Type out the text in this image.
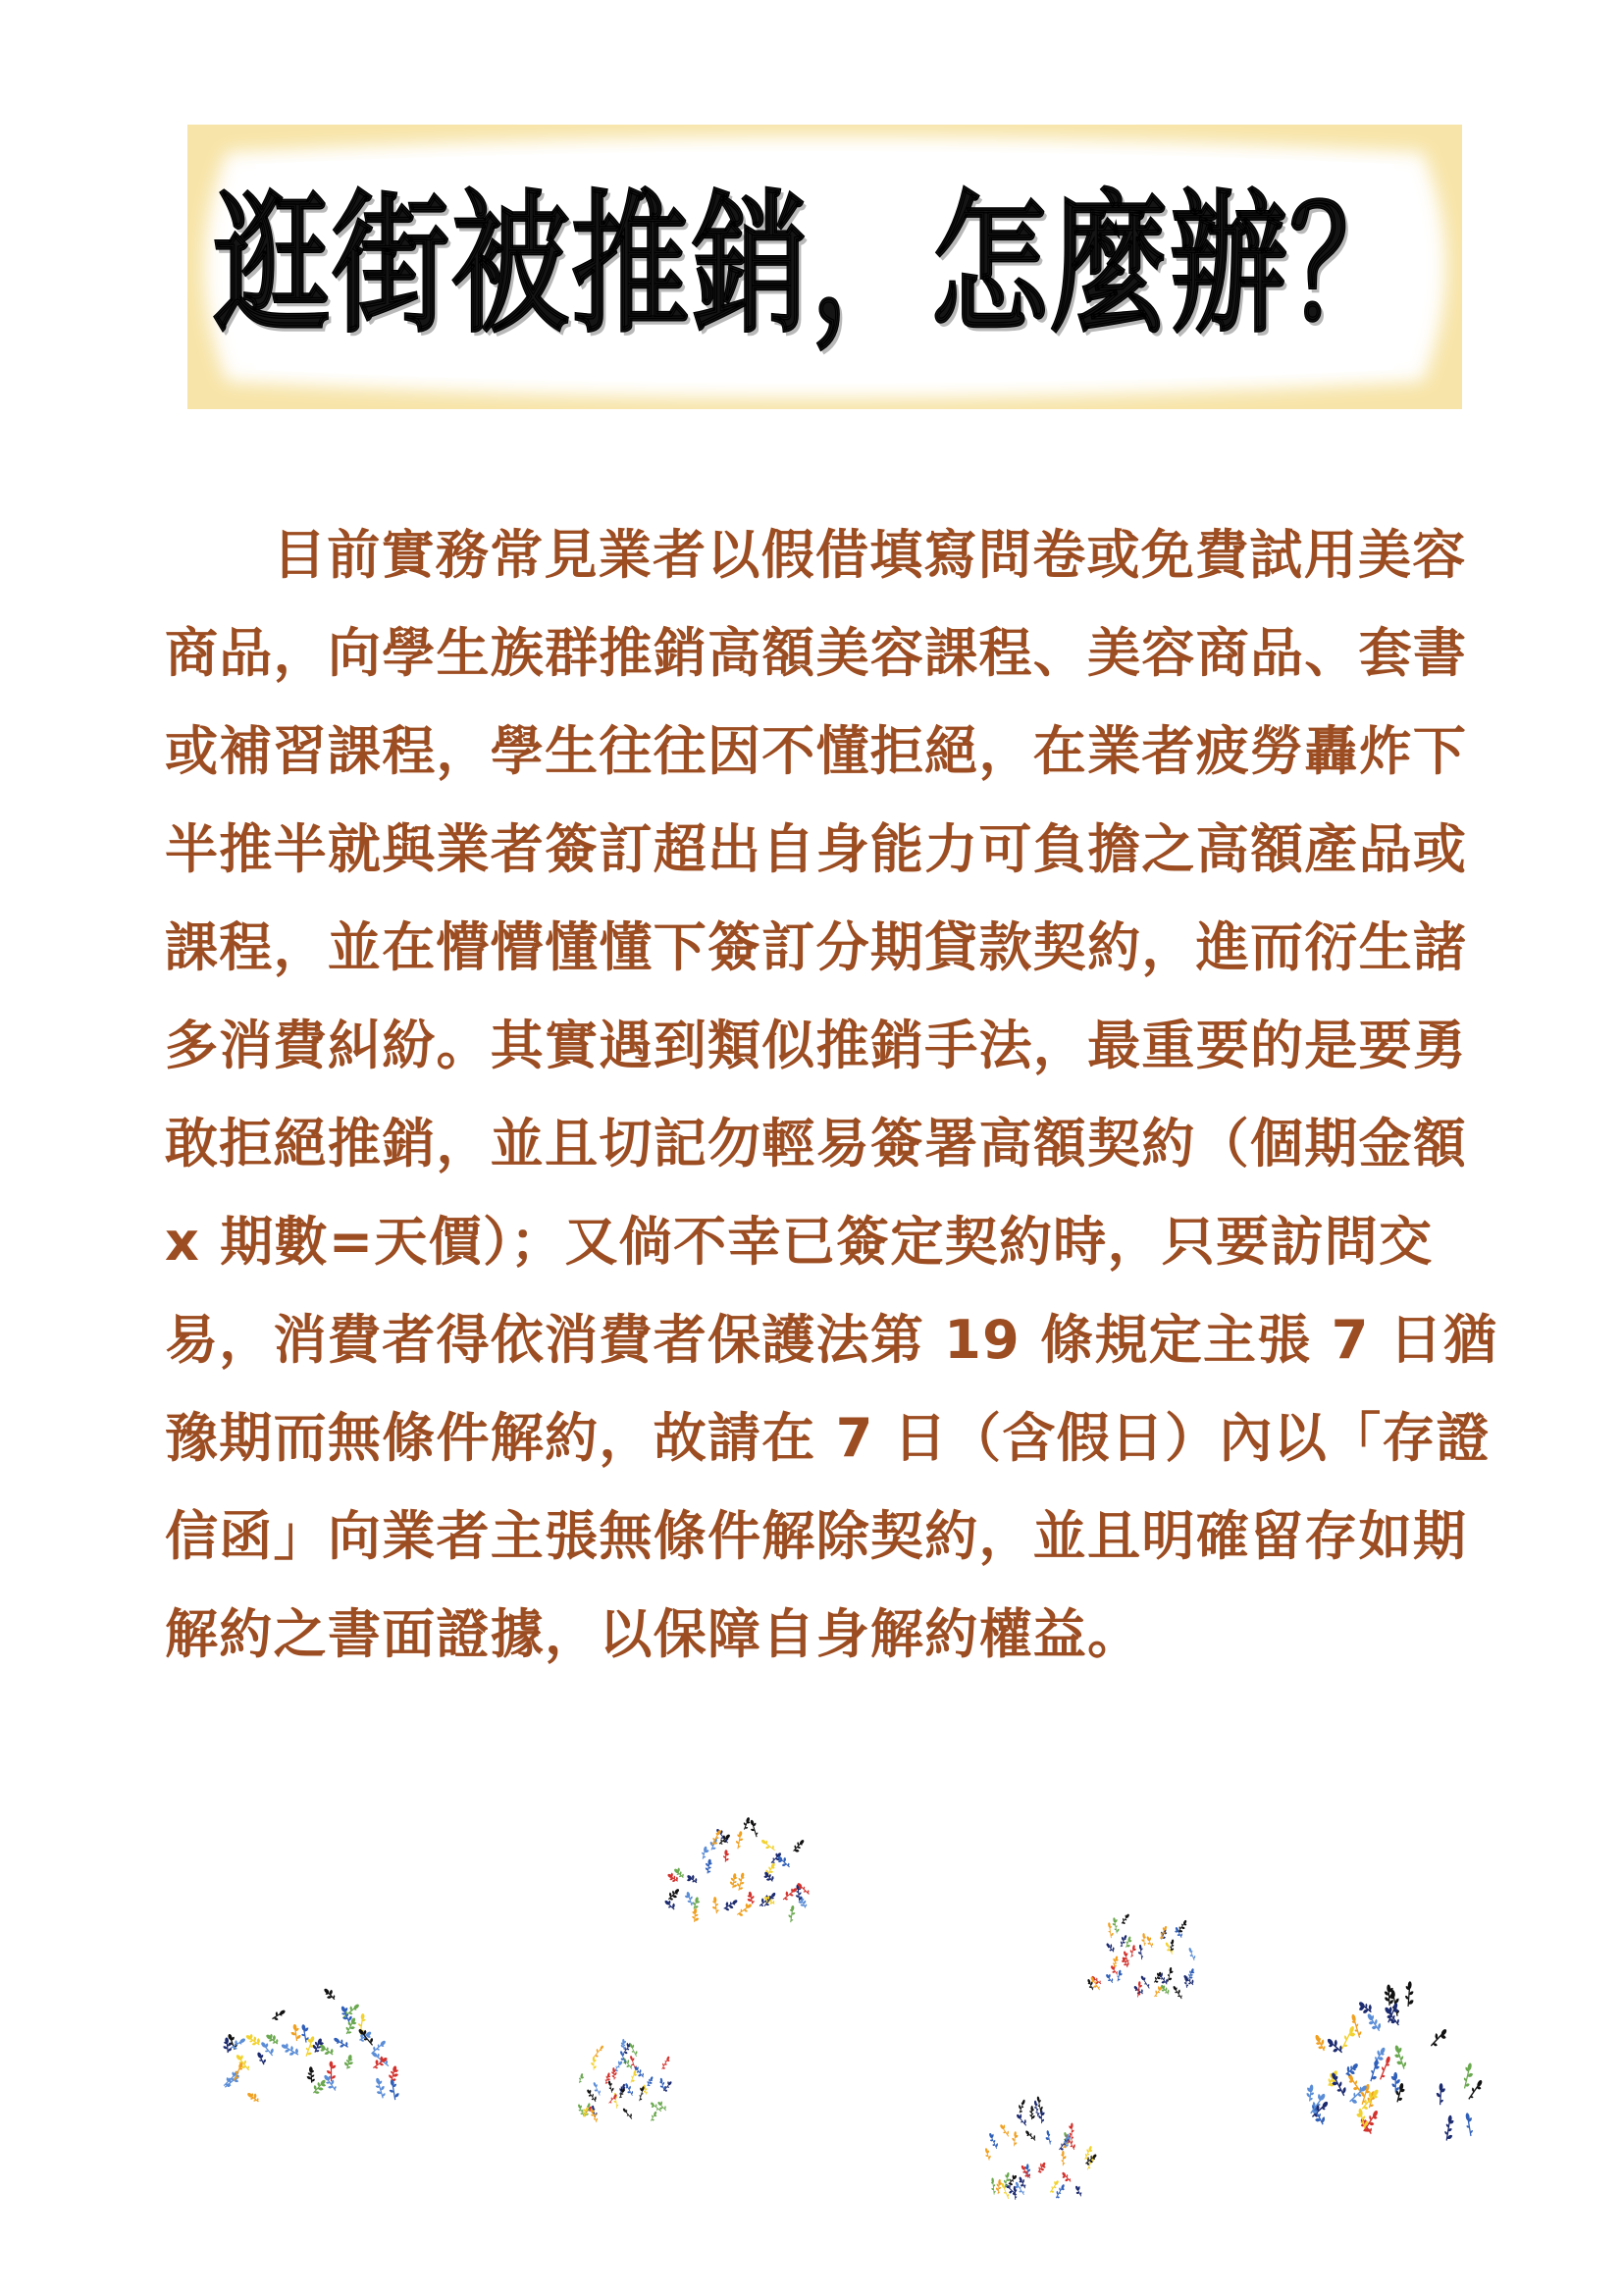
逛街被推銷，怎麼辦？
目前實務常見業者以假借填寫問卷或免費試用美容
商品，向學生族群推銷高額美容課程、美容商品、套書
或補習課程，學生往往因不懂拒絕，在業者疲勞轟炸下
半推半就與業者簽訂超出自身能力可負擔之高額產品或
課程，並在懵懵懂懂下簽訂分期貸款契約，進而衍生諸
多消費糾紛。其實遇到類似推銷手法，最重要的是要勇
敢拒絕推銷，並且切記勿輕易簽署高額契約（個期金額
x 期數=天價）；又倘不幸已簽定契約時，只要訪問交
易，消費者得依消費者保護法第 19 條規定主張 7 日猶
豫期而無條件解約，故請在 7 日（含假日）內以「存證
信函」向業者主張無條件解除契約，並且明確留存如期
解約之書面證據，以保障自身解約權益。
